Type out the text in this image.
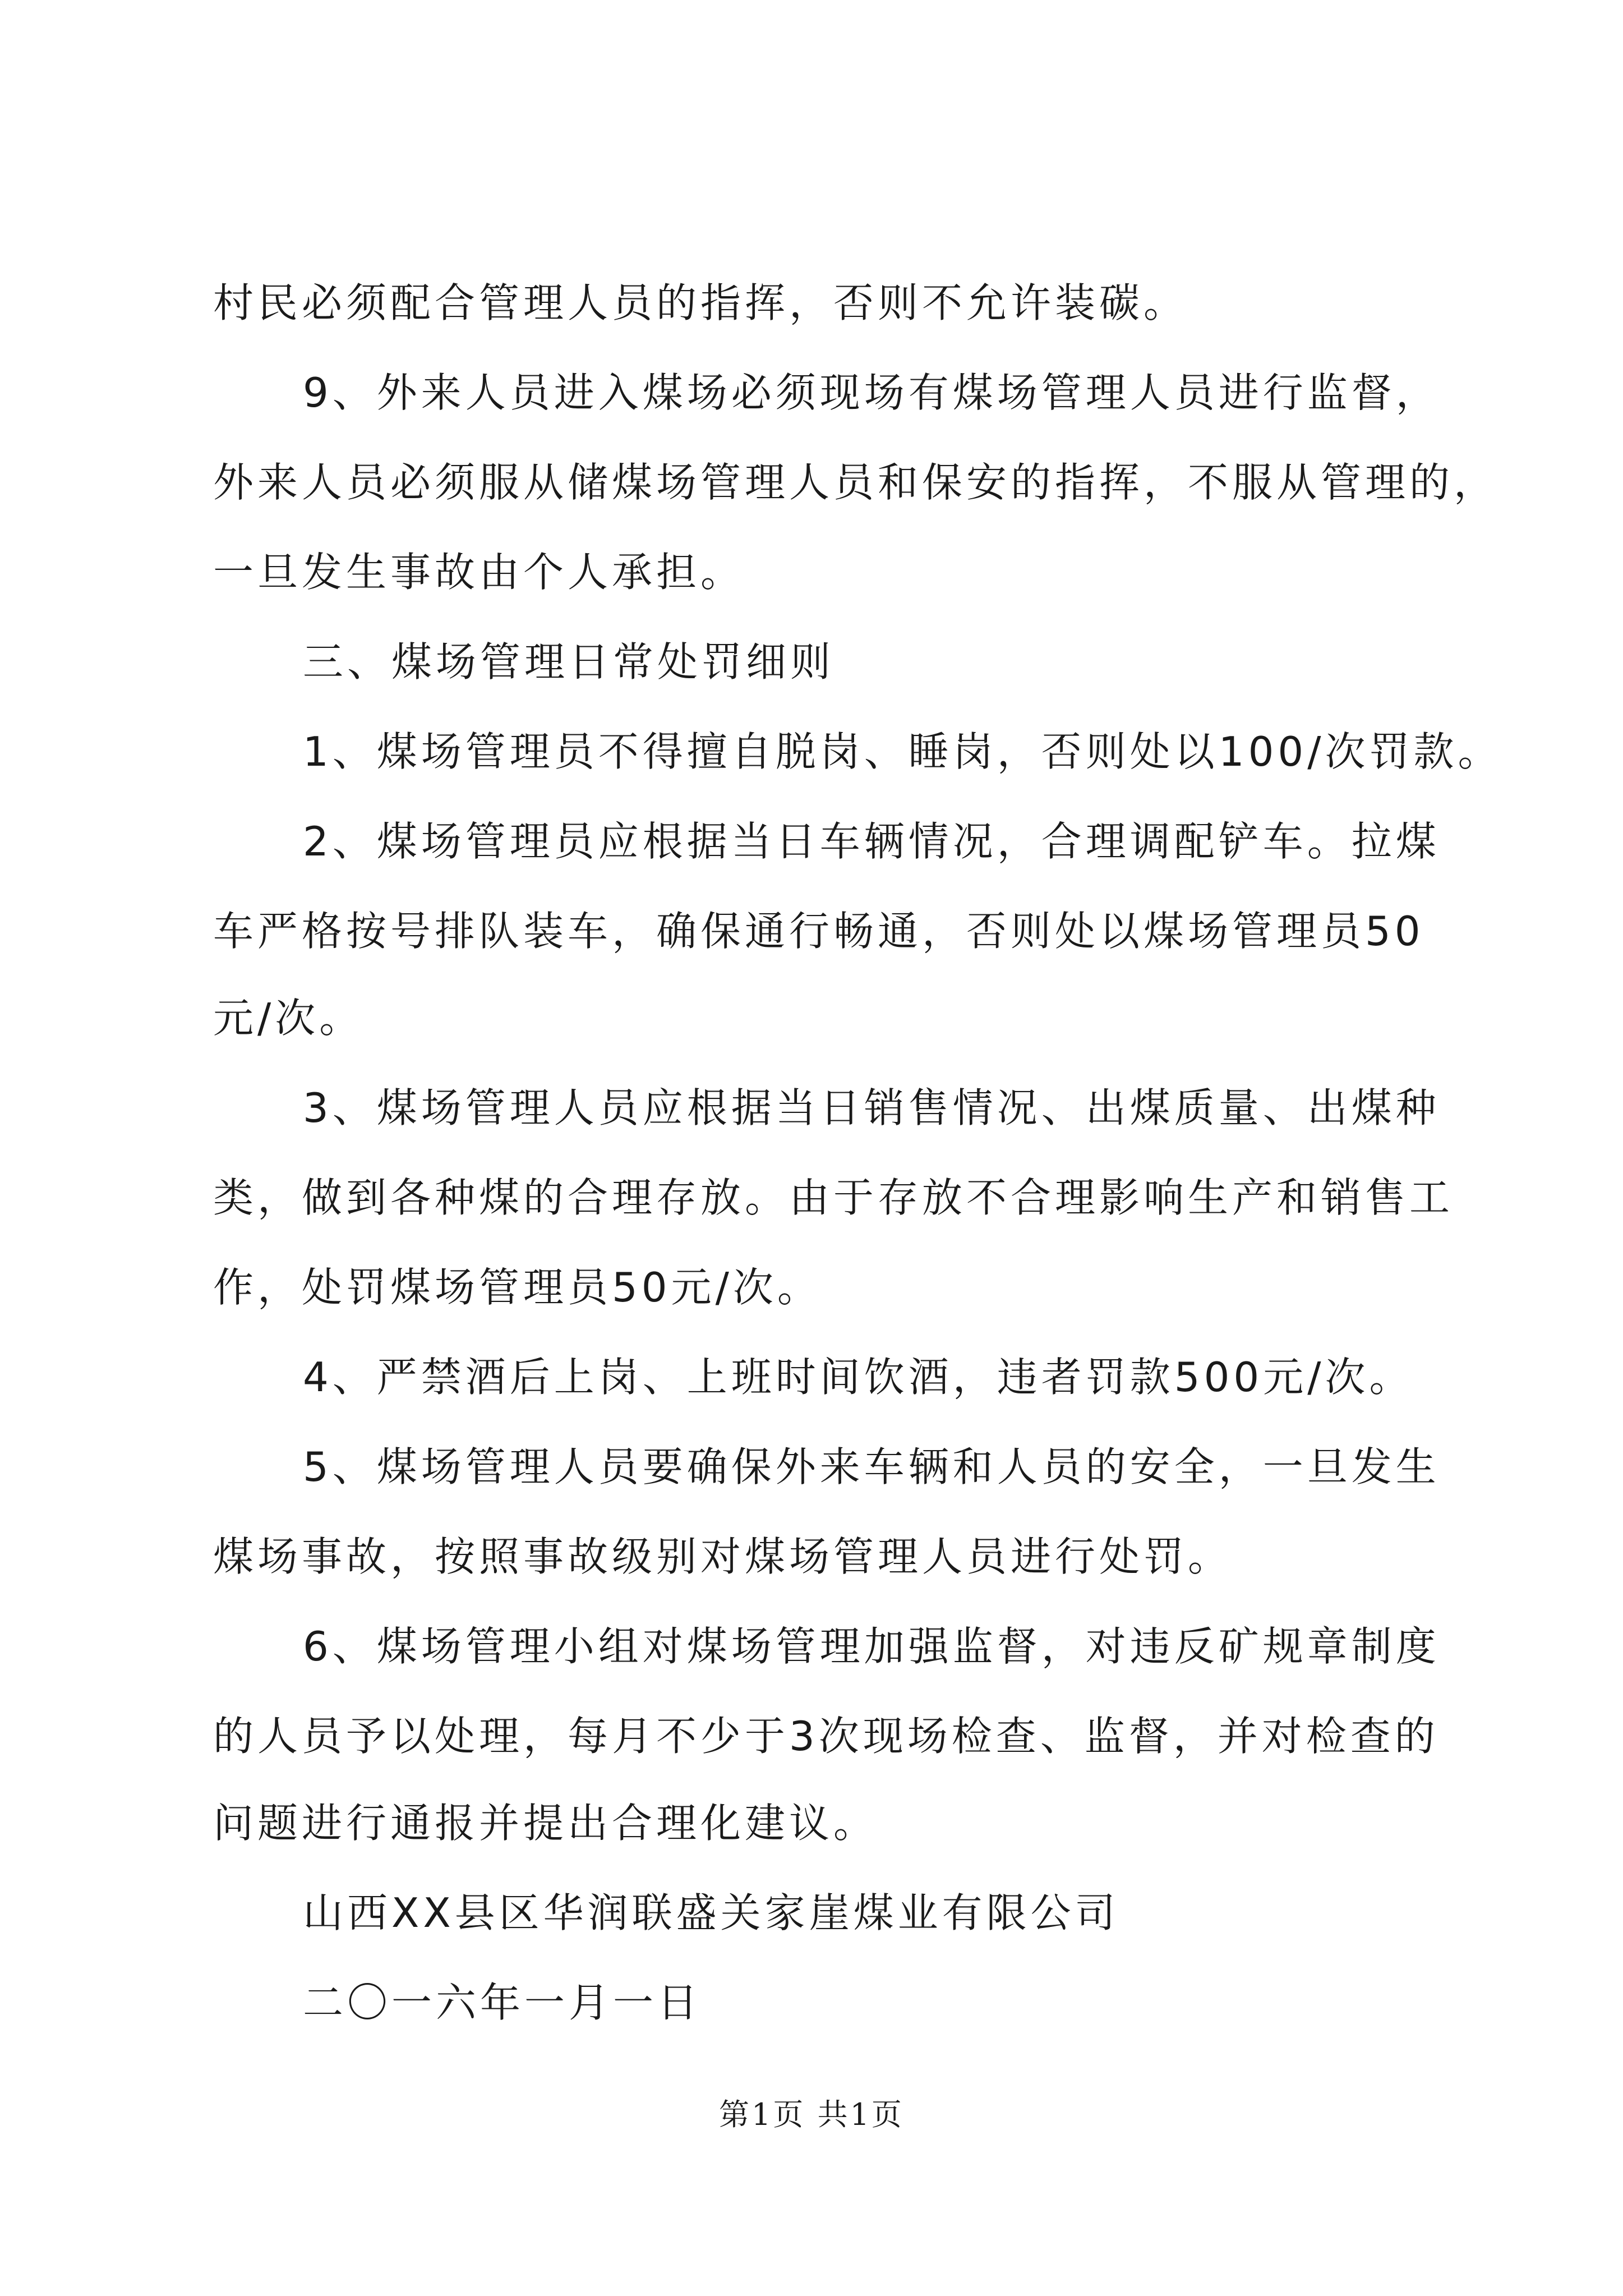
村民必须配合管理人员的指挥，否则不允许装碳。
9、外来人员进入煤场必须现场有煤场管理人员进行监督，
外来人员必须服从储煤场管理人员和保安的指挥，不服从管理的，
一旦发生事故由个人承担。
三、煤场管理日常处罚细则
1、煤场管理员不得擅自脱岗、睡岗，否则处以100/次罚款。
2、煤场管理员应根据当日车辆情况，合理调配铲车。拉煤
车严格按号排队装车，确保通行畅通，否则处以煤场管理员50
元/次。
3、煤场管理人员应根据当日销售情况、出煤质量、出煤种
类，做到各种煤的合理存放。由于存放不合理影响生产和销售工
作，处罚煤场管理员50元/次。
4、严禁酒后上岗、上班时间饮酒，违者罚款500元/次。
5、煤场管理人员要确保外来车辆和人员的安全，一旦发生
煤场事故，按照事故级别对煤场管理人员进行处罚。
6、煤场管理小组对煤场管理加强监督，对违反矿规章制度
的人员予以处理，每月不少于3次现场检查、监督，并对检查的
问题进行通报并提出合理化建议。
山西XX县区华润联盛关家崖煤业有限公司
二〇一六年一月一日
第1页 共1页
